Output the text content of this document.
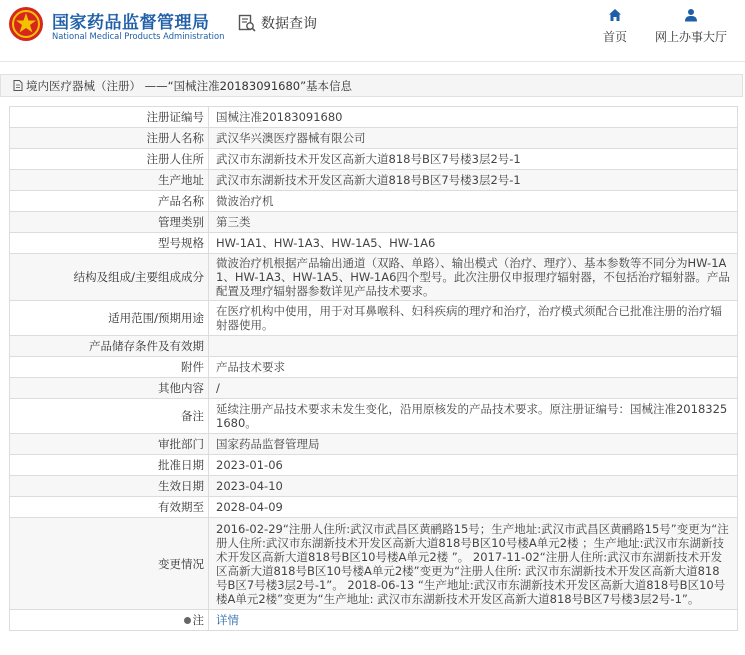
国家药品监督管理局
National Medical Products Administration
数据查询
首页 网上办事大厅
境内医疗器械（注册） ——“国械注准20183091680”基本信息
注册证编号	国械注准20183091680
注册人名称	武汉华兴澳医疗器械有限公司
注册人住所	武汉市东湖新技术开发区高新大道818号B区7号楼3层2号-1
生产地址	武汉市东湖新技术开发区高新大道818号B区7号楼3层2号-1
产品名称	微波治疗机
管理类别	第三类
型号规格	HW-1A1、HW-1A3、HW-1A5、HW-1A6
结构及组成/主要组成成分	微波治疗机根据产品输出通道（双路、单路）、输出模式（治疗、理疗）、基本参数等不同分为HW-1A1、HW-1A3、HW-1A5、HW-1A6四个型号。此次注册仅申报理疗辐射器，不包括治疗辐射器。产品配置及理疗辐射器参数详见产品技术要求。
适用范围/预期用途	在医疗机构中使用，用于对耳鼻喉科、妇科疾病的理疗和治疗，治疗模式须配合已批准注册的治疗辐射器使用。
产品储存条件及有效期	
附件	产品技术要求
其他内容	/
备注	延续注册产品技术要求未发生变化，沿用原核发的产品技术要求。原注册证编号：国械注准20183251680。
审批部门	国家药品监督管理局
批准日期	2023-01-06
生效日期	2023-04-10
有效期至	2028-04-09
变更情况	2016-02-29“注册人住所:武汉市武昌区黄鹂路15号；生产地址:武汉市武昌区黄鹂路15号”变更为“注册人住所:武汉市东湖新技术开发区高新大道818号B区10号楼A单元2楼 ；生产地址:武汉市东湖新技术开发区高新大道818号B区10号楼A单元2楼 ”。 2017-11-02“注册人住所:武汉市东湖新技术开发区高新大道818号B区10号楼A单元2楼”变更为“注册人住所: 武汉市东湖新技术开发区高新大道818号B区7号楼3层2号-1”。 2018-06-13 “生产地址:武汉市东湖新技术开发区高新大道818号B区10号楼A单元2楼”变更为“生产地址: 武汉市东湖新技术开发区高新大道818号B区7号楼3层2号-1”。
注	详情
